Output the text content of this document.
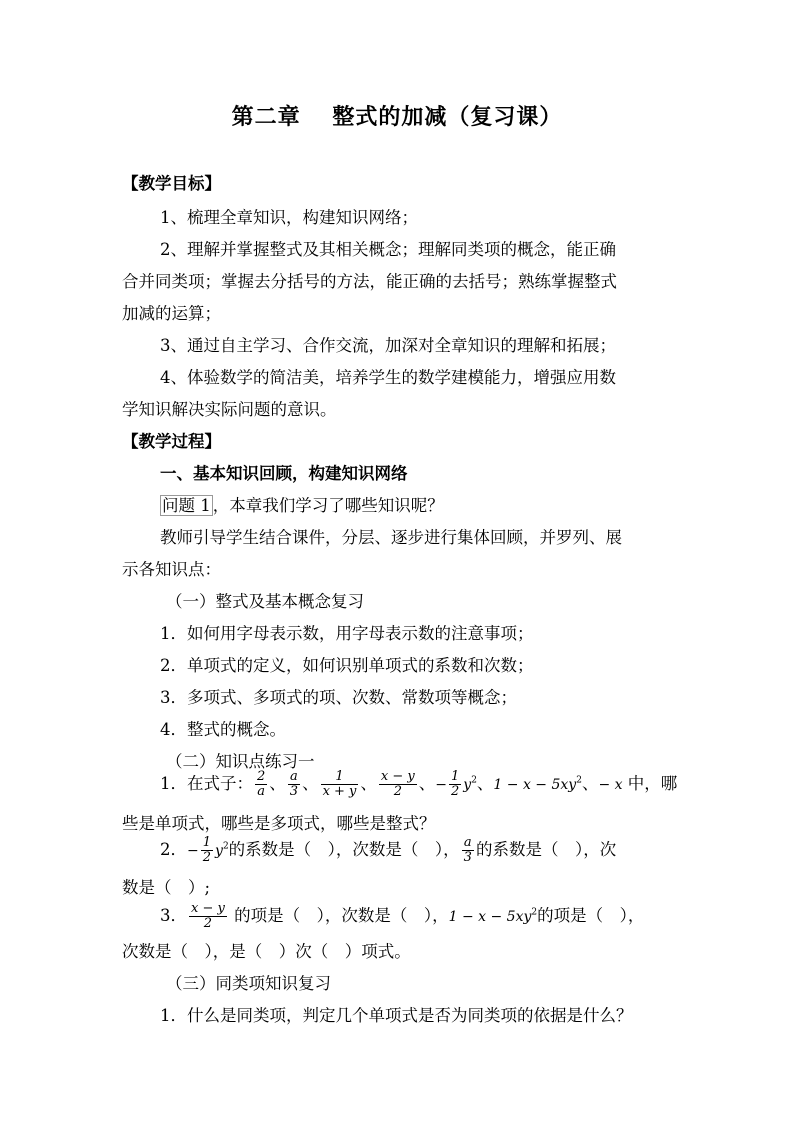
第二章　 整式的加减（复习课）
【教学目标】
1、梳理全章知识，构建知识网络；
2、理解并掌握整式及其相关概念；理解同类项的概念，能正确
合并同类项；掌握去分括号的方法，能正确的去括号；熟练掌握整式
加减的运算；
3、通过自主学习、合作交流，加深对全章知识的理解和拓展；
4、体验数学的简洁美，培养学生的数学建模能力，增强应用数
学知识解决实际问题的意识。
【教学过程】
一、基本知识回顾，构建知识网络
问题 1 ，本章我们学习了哪些知识呢？
教师引导学生结合课件，分层、逐步进行集体回顾，并罗列、展
示各知识点：
（一）整式及基本概念复习
1．如何用字母表示数，用字母表示数的注意事项；
2．单项式的定义，如何识别单项式的系数和次数；
3．多项式、多项式的项、次数、常数项等概念；
4．整式的概念。
（二）知识点练习一
1．在式子： $\frac{2}{a}$ 、 $\frac{a}{3}$ 、 $\frac{1}{x + y}$ 、 $\frac{x - y}{2}$ 、− $\frac{1}{2} y^2$、$1 - x - 5xy^2$、− x 中，哪
些是单项式，哪些是多项式，哪些是整式？
2．− $\frac{1}{2} y^2$的系数是（　），次数是（　）， $\frac{a}{3}$ 的系数是（　），次
数是（　）;
3． $\frac{x - y}{2}$ 的项是（　），次数是（　），$1 - x - 5xy^2$的项是（　），
次数是（　），是（　）次（　）项式。
（三）同类项知识复习
1．什么是同类项，判定几个单项式是否为同类项的依据是什么？
